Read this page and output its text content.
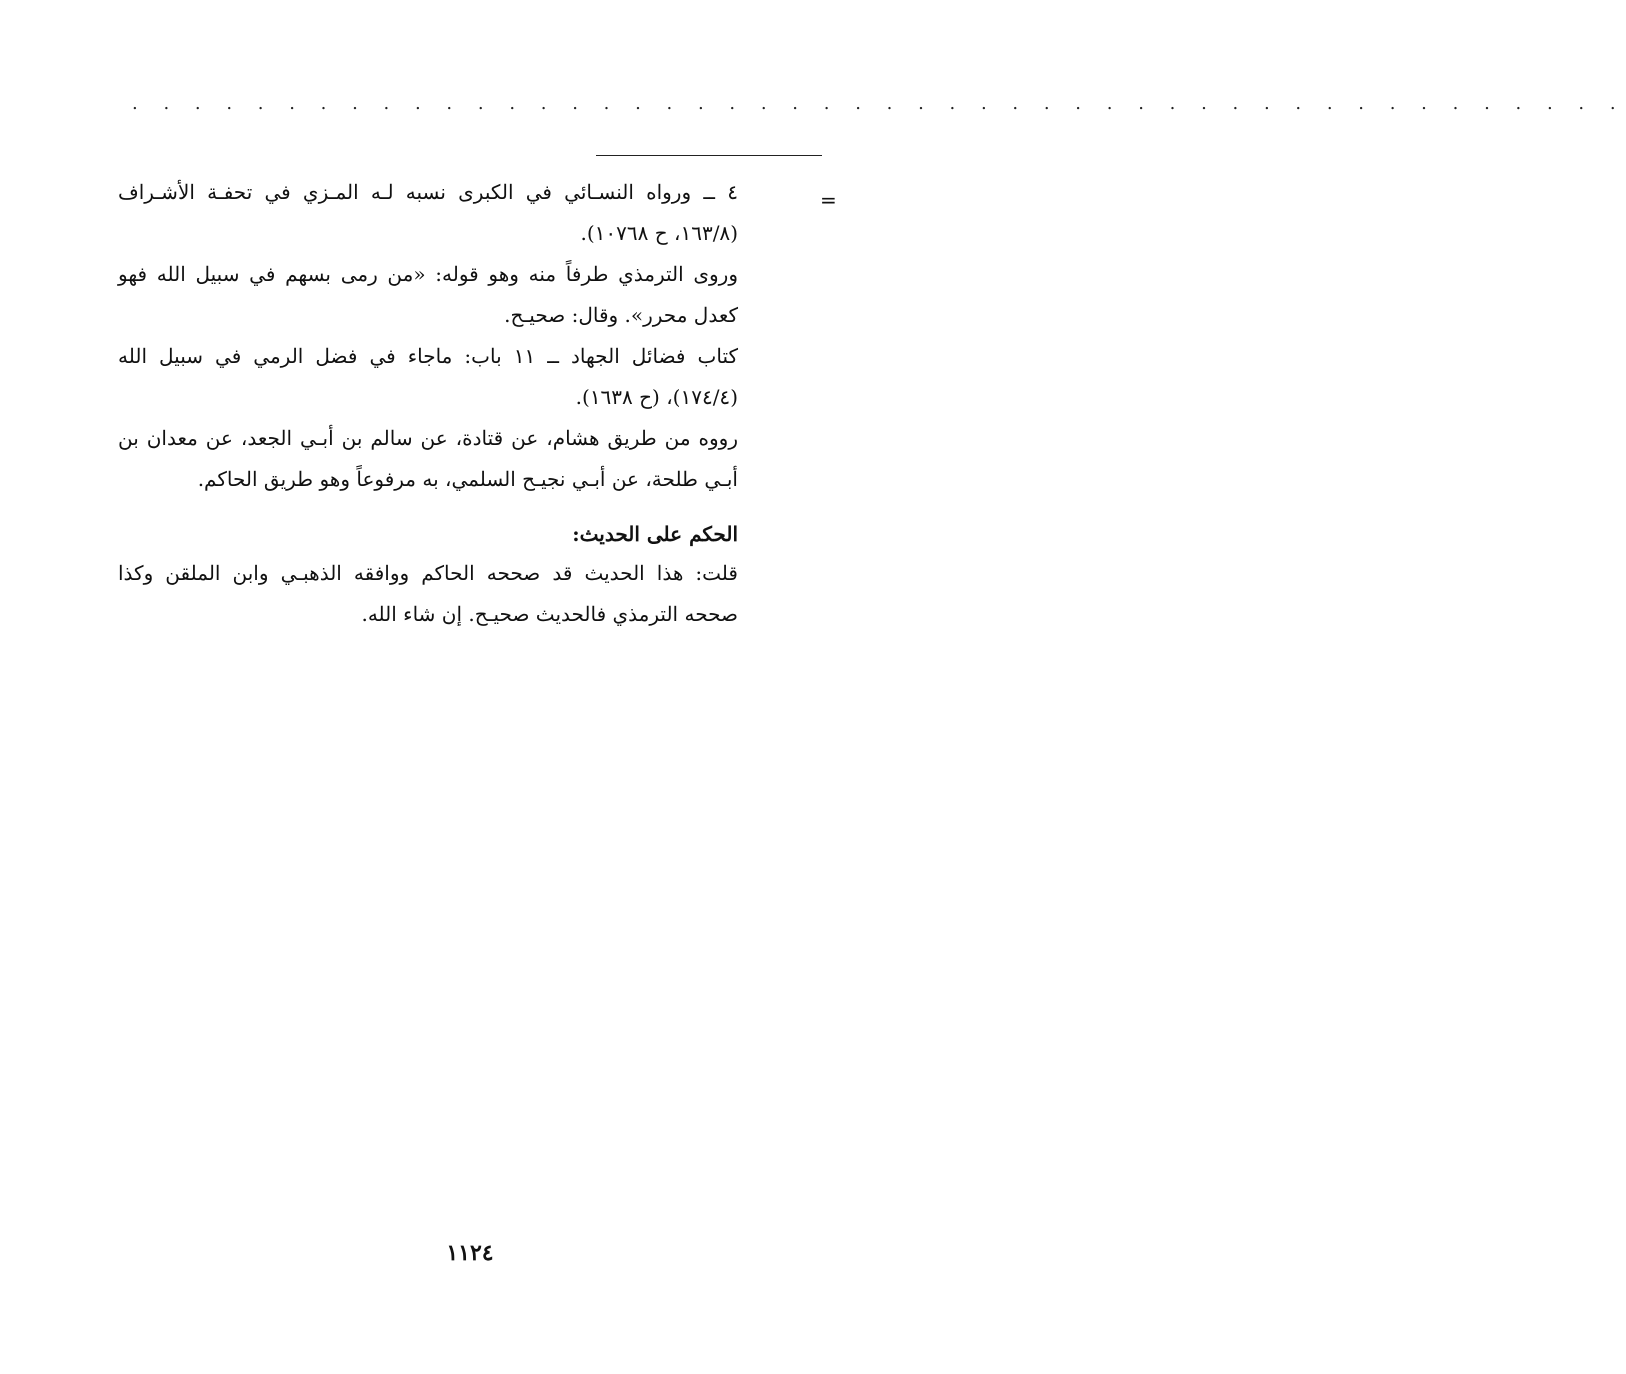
. . . . . . . . . . . . . . . . . . . . . . . . . . . . . . . . . . . . . . . . . . . . . . . .
=

٤ ــ ورواه النسـائي في الكبرى نسبه لـه المـزي في تحفـة الأشـراف (١٦٣/٨، ح ١٠٧٦٨).

وروى الترمذي طرفاً منه وهو قوله: «من رمى بسهم في سبيل الله فهو كعدل محرر». وقال: صحيـح.

كتاب فضائل الجهاد ــ ١١ باب: ماجاء في فضل الرمي في سبيل الله (١٧٤/٤)، (ح ١٦٣٨).

رووه من طريق هشام، عن قتادة، عن سالم بن أبـي الجعد، عن معدان بن أبـي طلحة، عن أبـي نجيـح السلمي، به مرفوعاً وهو طريق الحاكم.

الحكم على الحديث:

قلت: هذا الحديث قد صححه الحاكم ووافقه الذهبـي وابن الملقن وكذا صححه الترمذي فالحديث صحيـح. إن شاء الله.

١١٢٤
